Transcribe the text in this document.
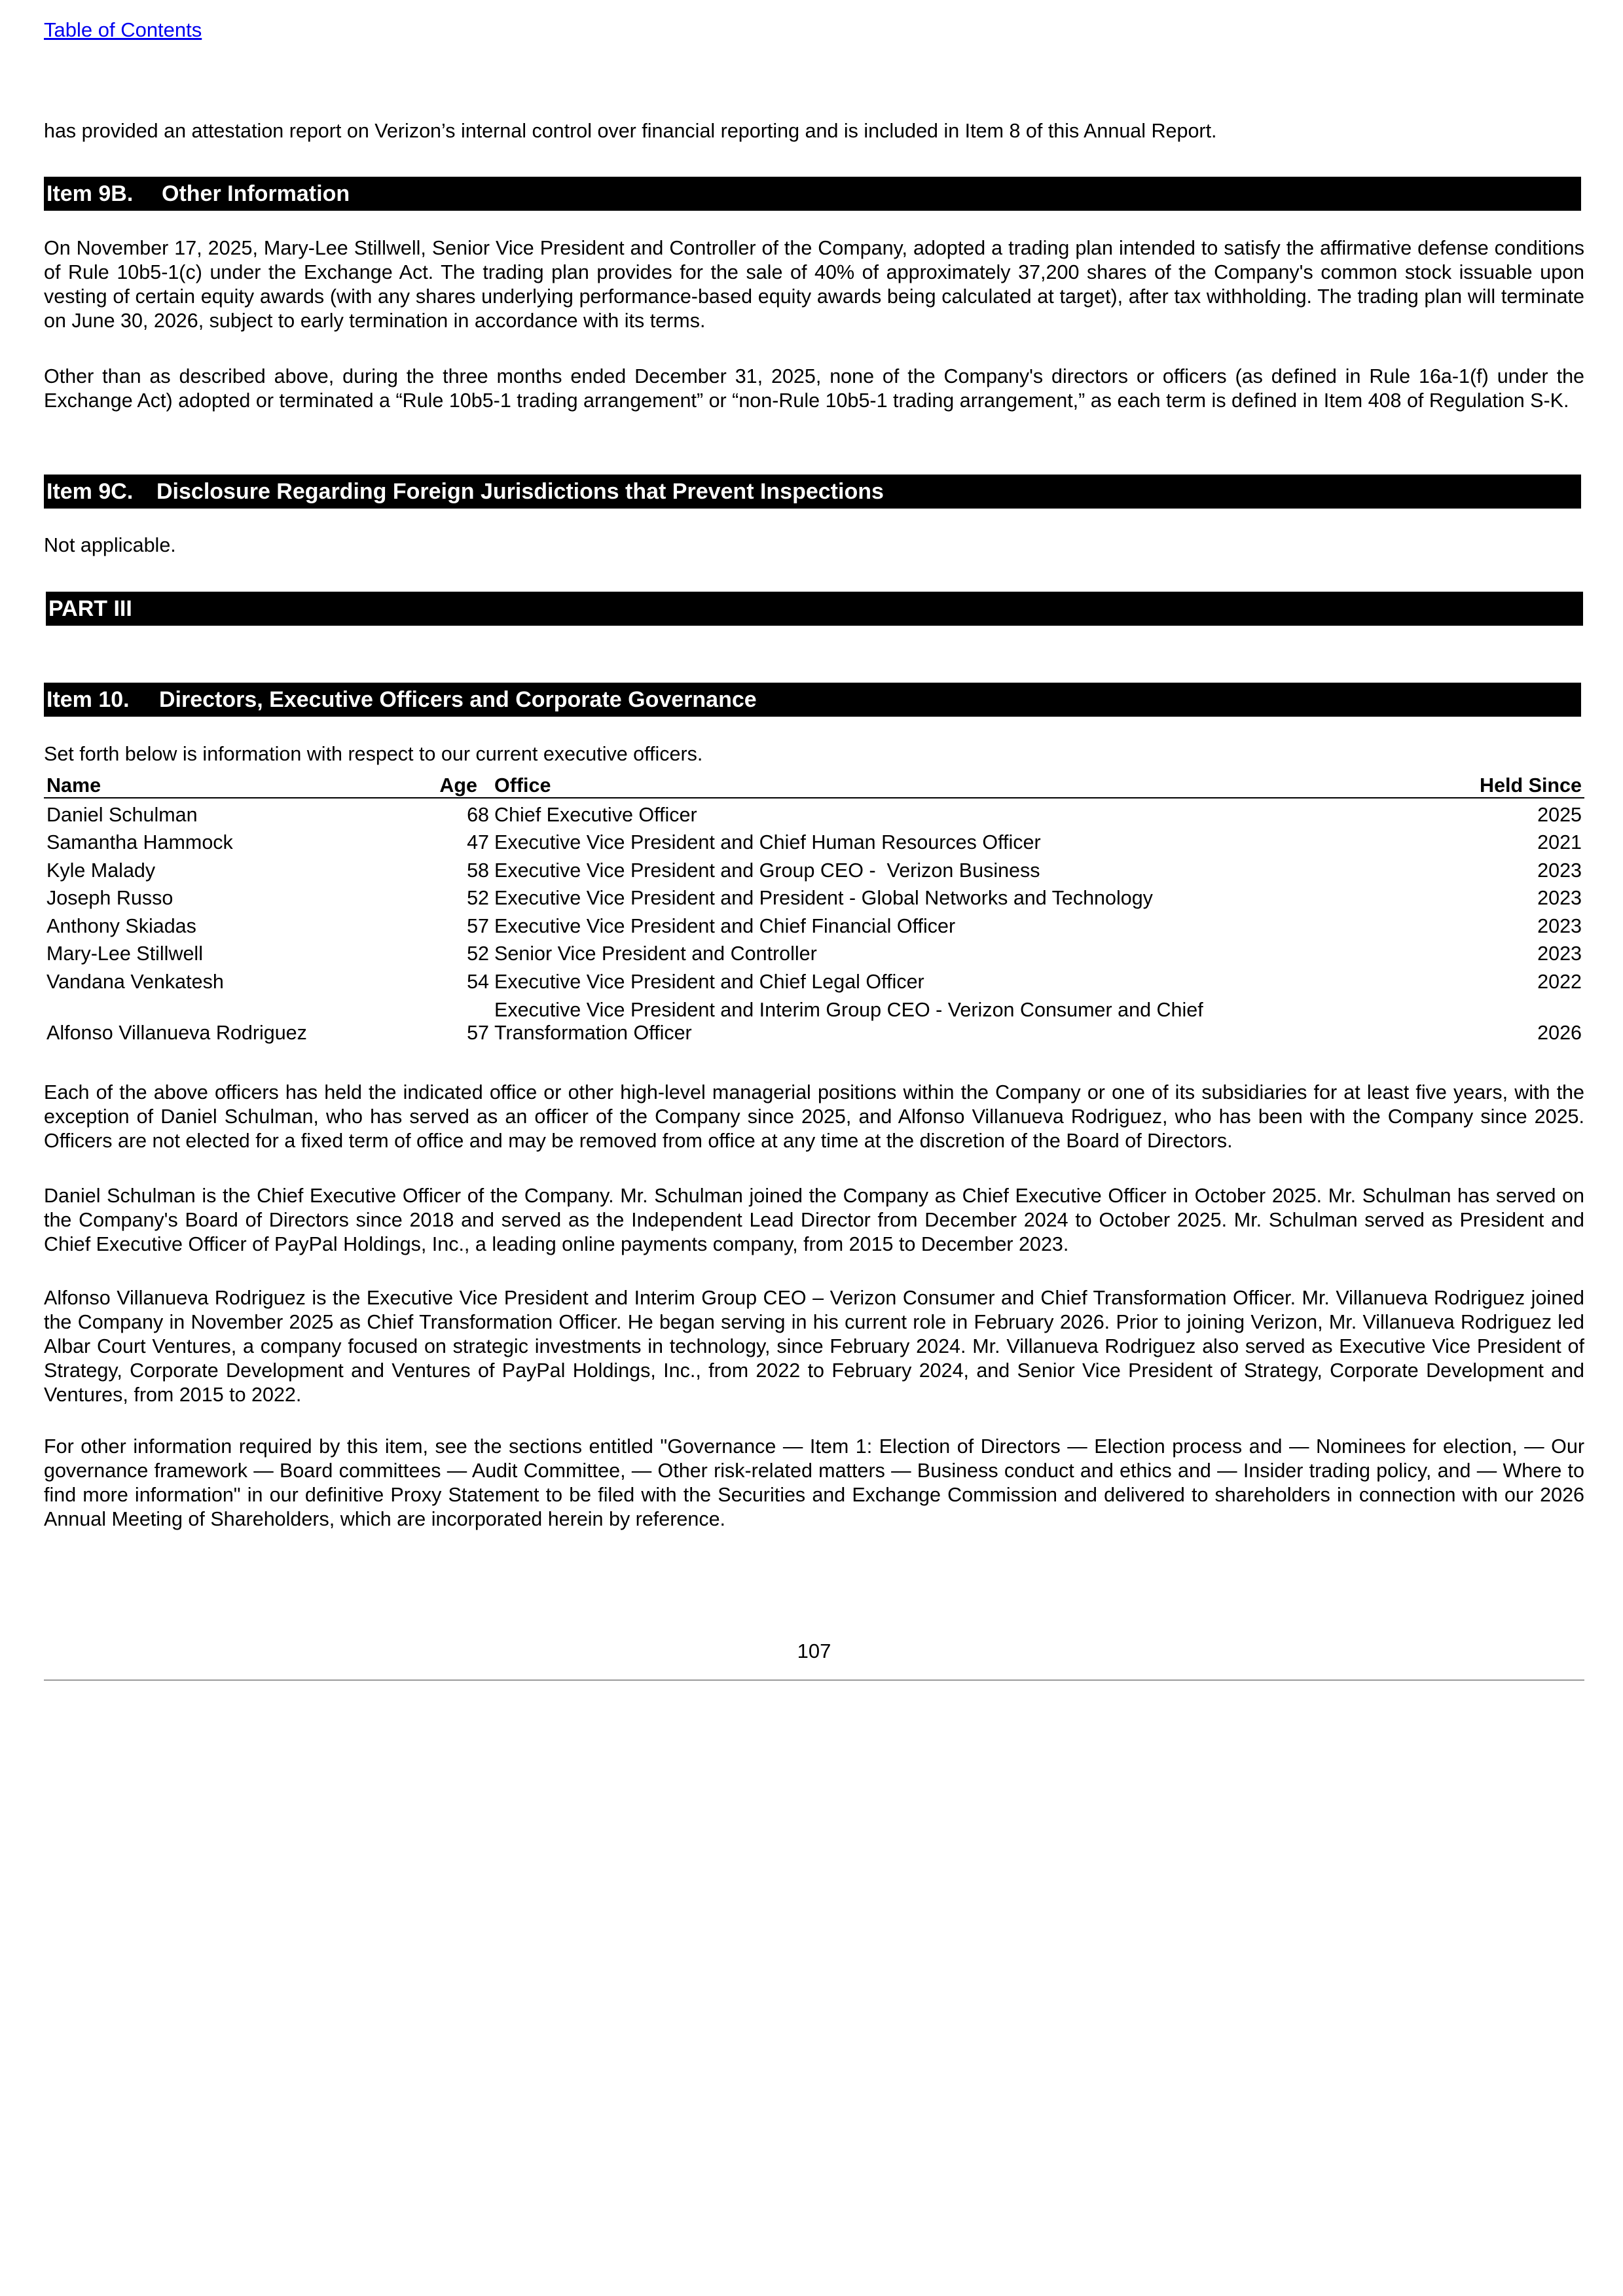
Table of Contents

has provided an attestation report on Verizon’s internal control over financial reporting and is included in Item 8 of this Annual Report.

Item 9B. Other Information

On November 17, 2025, Mary-Lee Stillwell, Senior Vice President and Controller of the Company, adopted a trading plan intended to satisfy the affirmative defense conditions of Rule 10b5-1(c) under the Exchange Act. The trading plan provides for the sale of 40% of approximately 37,200 shares of the Company's common stock issuable upon vesting of certain equity awards (with any shares underlying performance-based equity awards being calculated at target), after tax withholding. The trading plan will terminate on June 30, 2026, subject to early termination in accordance with its terms.

Other than as described above, during the three months ended December 31, 2025, none of the Company's directors or officers (as defined in Rule 16a-1(f) under the Exchange Act) adopted or terminated a “Rule 10b5-1 trading arrangement” or “non-Rule 10b5-1 trading arrangement,” as each term is defined in Item 408 of Regulation S-K.

Item 9C. Disclosure Regarding Foreign Jurisdictions that Prevent Inspections

Not applicable.

PART III
Item 10. Directors, Executive Officers and Corporate Governance

Set forth below is information with respect to our current executive officers.

Name	Age	Office	Held Since
Daniel Schulman	68	Chief Executive Officer	2025
Samantha Hammock	47	Executive Vice President and Chief Human Resources Officer	2021
Kyle Malady	58	Executive Vice President and Group CEO -  Verizon Business	2023
Joseph Russo	52	Executive Vice President and President - Global Networks and Technology	2023
Anthony Skiadas	57	Executive Vice President and Chief Financial Officer	2023
Mary-Lee Stillwell	52	Senior Vice President and Controller	2023
Vandana Venkatesh	54	Executive Vice President and Chief Legal Officer	2022
Alfonso Villanueva Rodriguez	57	Executive Vice President and Interim Group CEO - Verizon Consumer and Chief Transformation Officer	2026

Each of the above officers has held the indicated office or other high-level managerial positions within the Company or one of its subsidiaries for at least five years, with the exception of Daniel Schulman, who has served as an officer of the Company since 2025, and Alfonso Villanueva Rodriguez, who has been with the Company since 2025. Officers are not elected for a fixed term of office and may be removed from office at any time at the discretion of the Board of Directors.

Daniel Schulman is the Chief Executive Officer of the Company. Mr. Schulman joined the Company as Chief Executive Officer in October 2025. Mr. Schulman has served on the Company's Board of Directors since 2018 and served as the Independent Lead Director from December 2024 to October 2025. Mr. Schulman served as President and Chief Executive Officer of PayPal Holdings, Inc., a leading online payments company, from 2015 to December 2023.

Alfonso Villanueva Rodriguez is the Executive Vice President and Interim Group CEO – Verizon Consumer and Chief Transformation Officer. Mr. Villanueva Rodriguez joined the Company in November 2025 as Chief Transformation Officer. He began serving in his current role in February 2026. Prior to joining Verizon, Mr. Villanueva Rodriguez led Albar Court Ventures, a company focused on strategic investments in technology, since February 2024. Mr. Villanueva Rodriguez also served as Executive Vice President of Strategy, Corporate Development and Ventures of PayPal Holdings, Inc., from 2022 to February 2024, and Senior Vice President of Strategy, Corporate Development and Ventures, from 2015 to 2022.

For other information required by this item, see the sections entitled "Governance — Item 1: Election of Directors — Election process and — Nominees for election, — Our governance framework — Board committees — Audit Committee, — Other risk-related matters — Business conduct and ethics and — Insider trading policy, and — Where to find more information" in our definitive Proxy Statement to be filed with the Securities and Exchange Commission and delivered to shareholders in connection with our 2026 Annual Meeting of Shareholders, which are incorporated herein by reference.

107
